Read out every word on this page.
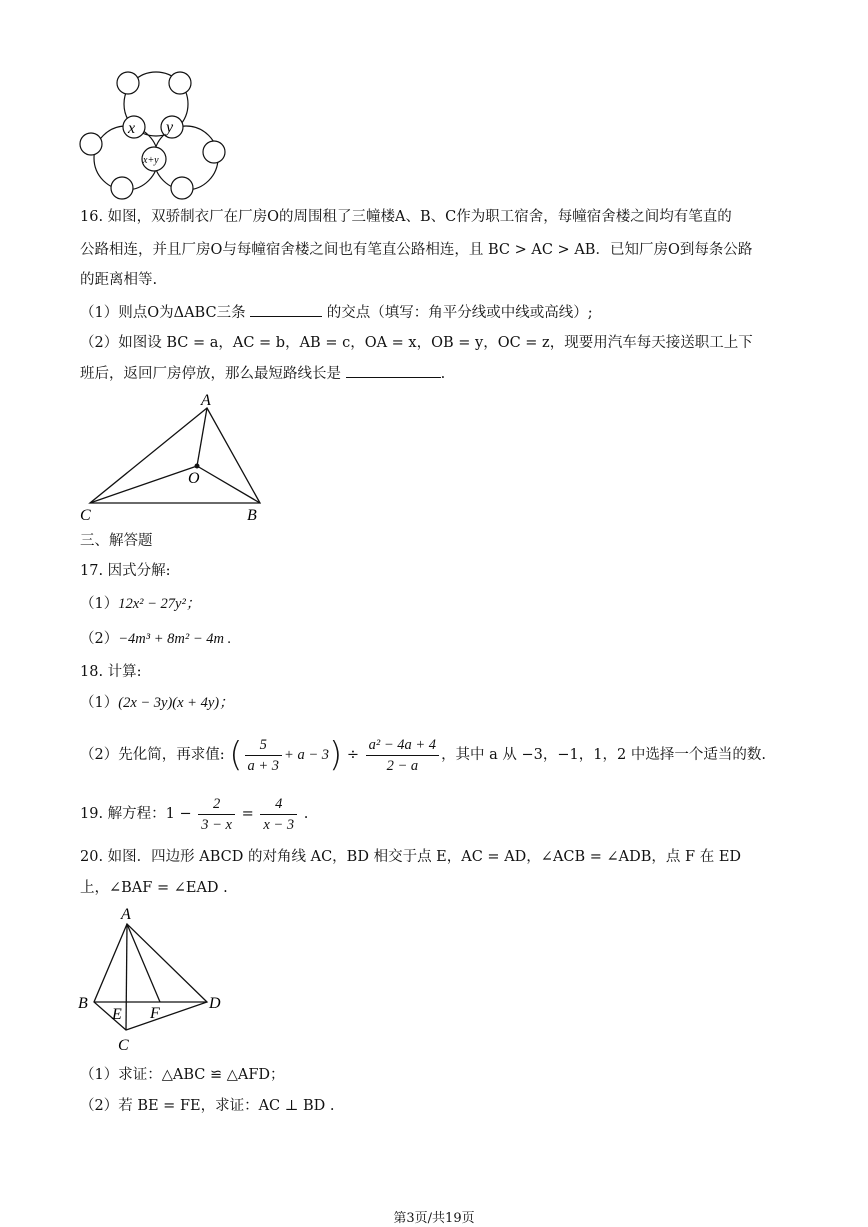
x y
x+y
16. 如图，双骄制衣厂在厂房O的周围租了三幢楼A、B、C作为职工宿舍，每幢宿舍楼之间均有笔直的
公路相连，并且厂房O与每幢宿舍楼之间也有笔直公路相连，且 BC > AC > AB．已知厂房O到每条公路
的距离相等.
（1）则点O为ΔABC三条	的交点（填写：角平分线或中线或高线）;
（2）如图设 BC = a，AC = b，AB = c，OA = x，OB = y，OC = z，现要用汽车每天接送职工上下
班后，返回厂房停放，那么最短路线长是	.
A
O
C	B
三、解答题
17. 因式分解:
（1）12x² − 27y²；
（2）−4m³ + 8m² − 4m .
18. 计算:
（1）(2x − 3y)(x + 4y)；
（2）先化简，再求值: ( $\frac{5}{a + 3} + a - 3) \div \frac{\text{a² − 4a + 4}}{2 - a}$ ，其中 a 从 −3，−1，1，2 中选择一个适当的数.
19. 解方程：$1 - \frac{2}{3 - x} = \frac{4}{x - 3}$ .
20. 如图．四边形 ABCD 的对角线 AC，BD 相交于点 E，AC = AD，∠ACB = ∠ADB，点 F 在 ED
上，∠BAF = ∠EAD .
A
B
E F
D
C
（1）求证：△ABC ≌ △AFD；
（2）若 BE = FE，求证：AC ⊥ BD .
第3页/共19页
